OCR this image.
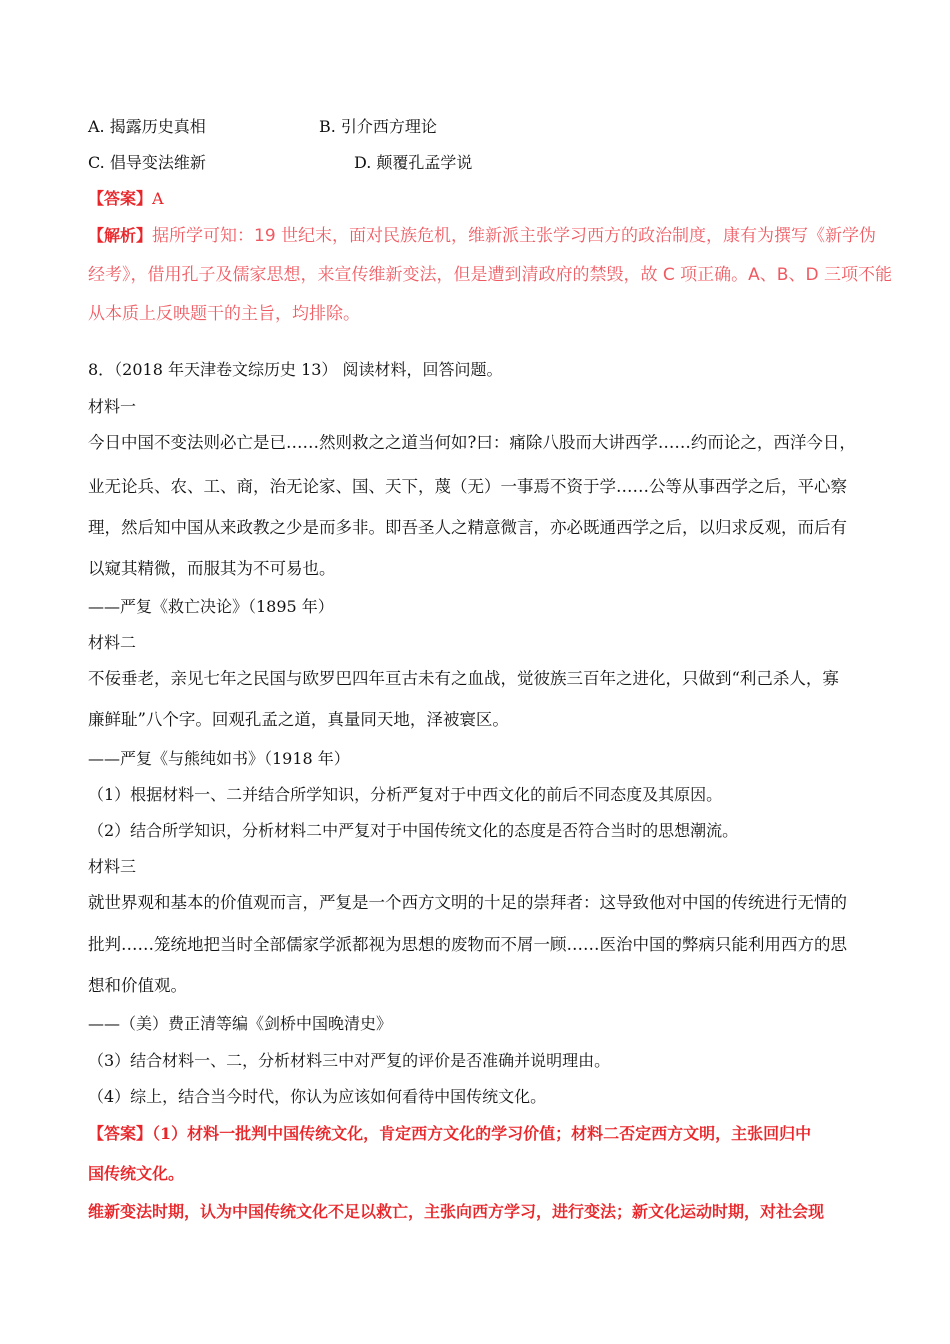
A. 揭露历史真相	B. 引介西方理论
C. 倡导变法维新	D. 颠覆孔孟学说
【答案】A
【解析】据所学可知：19 世纪末，面对民族危机，维新派主张学习西方的政治制度，康有为撰写《新学伪
经考》，借用孔子及儒家思想，来宣传维新变法，但是遭到清政府的禁毁，故 C 项正确。A、B、D 三项不能
从本质上反映题干的主旨，均排除。
8．（2018 年天津卷文综历史 13） 阅读材料，回答问题。
材料一
今日中国不变法则必亡是已……然则救之之道当何如?曰：痛除八股而大讲西学……约而论之，西洋今日，
业无论兵、农、工、商，治无论家、国、天下，蔑（无）一事焉不资于学……公等从事西学之后，平心察
理，然后知中国从来政教之少是而多非。即吾圣人之精意微言，亦必既通西学之后，以归求反观，而后有
以窥其精微，而服其为不可易也。
——严复《救亡决论》（1895 年）
材料二
不佞垂老，亲见七年之民国与欧罗巴四年亘古未有之血战，觉彼族三百年之进化，只做到“利己杀人，寡
廉鲜耻”八个字。回观孔孟之道，真量同天地，泽被寰区。
——严复《与熊纯如书》（1918 年）
（1）根据材料一、二并结合所学知识，分析严复对于中西文化的前后不同态度及其原因。
（2）结合所学知识，分析材料二中严复对于中国传统文化的态度是否符合当时的思想潮流。
材料三
就世界观和基本的价值观而言，严复是一个西方文明的十足的崇拜者：这导致他对中国的传统进行无情的
批判……笼统地把当时全部儒家学派都视为思想的废物而不屑一顾……医治中国的弊病只能利用西方的思
想和价值观。
——（美）费正清等编《剑桥中国晚清史》
（3）结合材料一、二，分析材料三中对严复的评价是否准确并说明理由。
（4）综上，结合当今时代，你认为应该如何看待中国传统文化。
【答案】（1）材料一批判中国传统文化，肯定西方文化的学习价值；材料二否定西方文明，主张回归中
国传统文化。
维新变法时期，认为中国传统文化不足以救亡，主张向西方学习，进行变法；新文化运动时期，对社会现
